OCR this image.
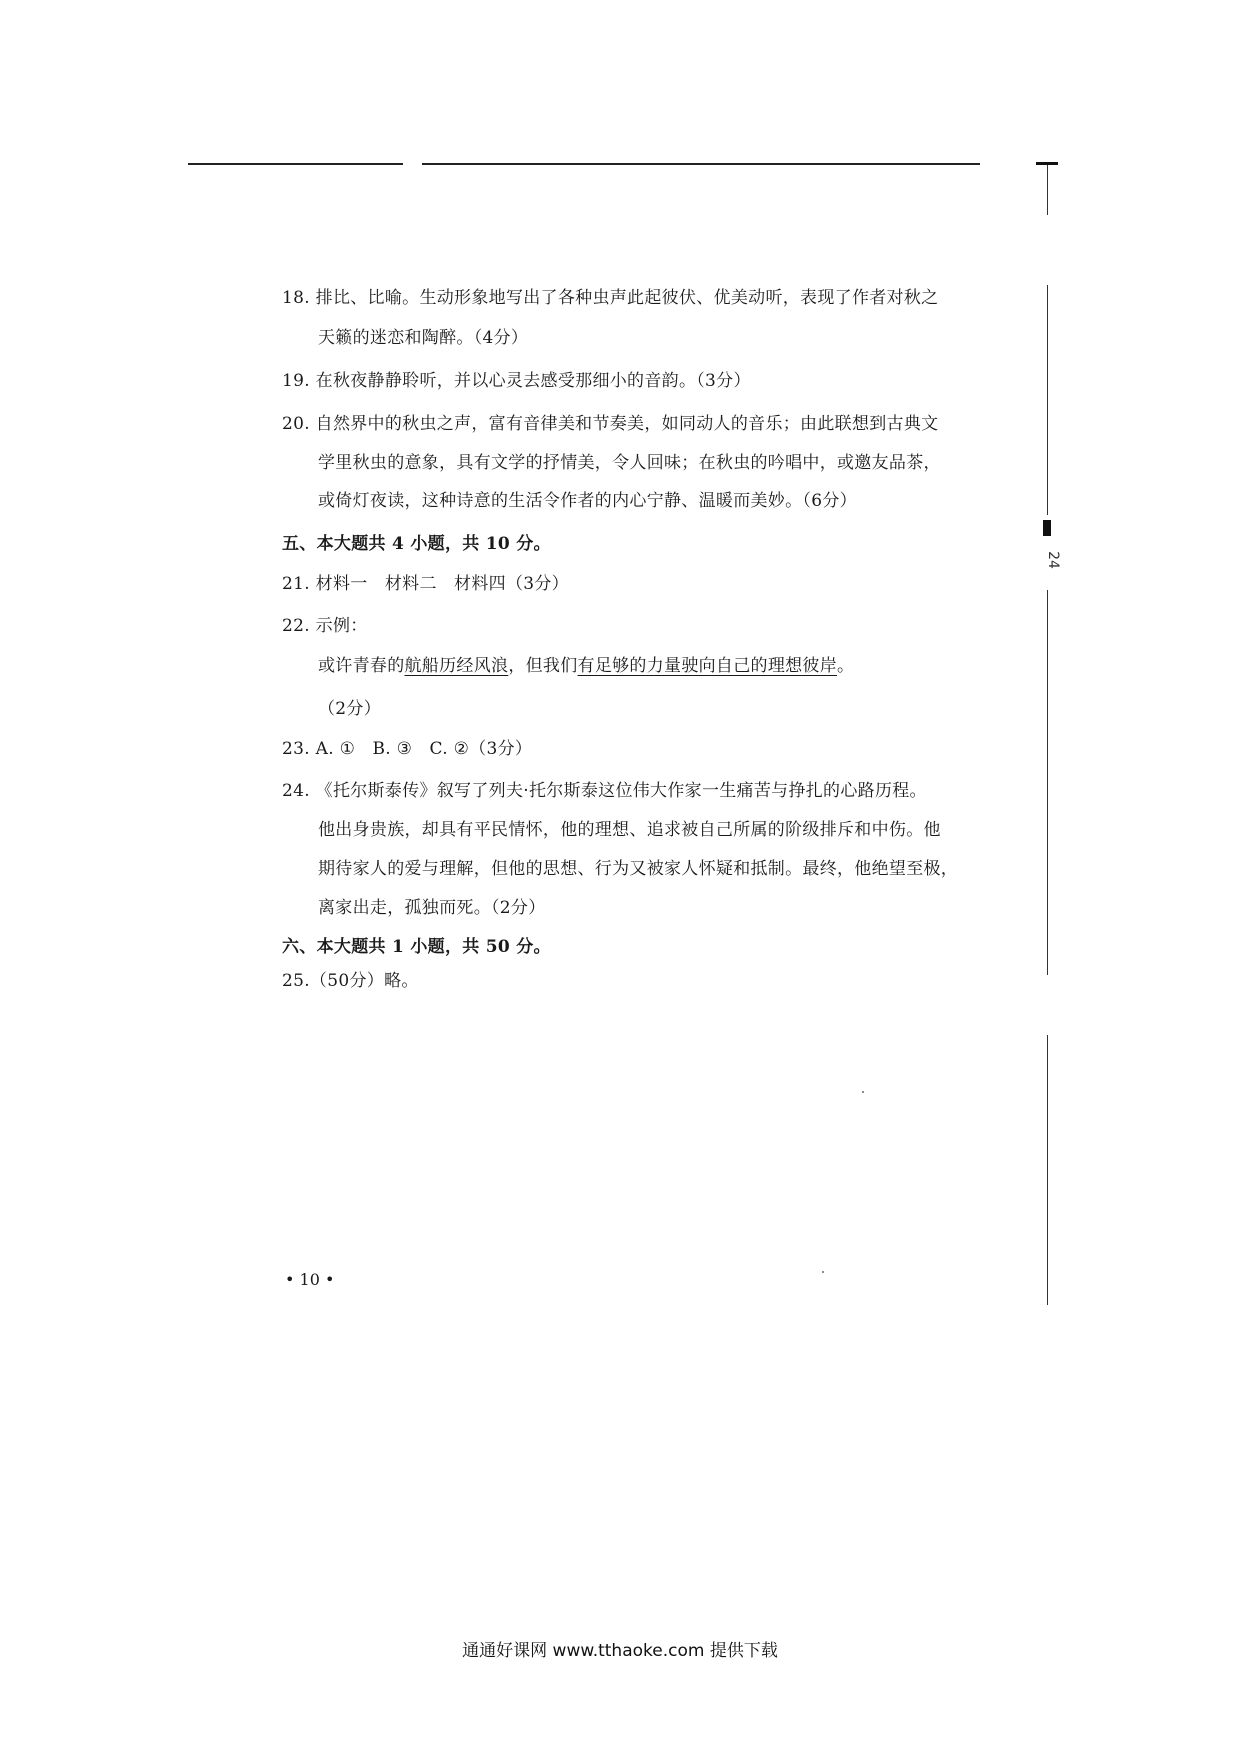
24
18. 排比、比喻。生动形象地写出了各种虫声此起彼伏、优美动听，表现了作者对秋之
天籁的迷恋和陶醉。（4分）
19. 在秋夜静静聆听，并以心灵去感受那细小的音韵。（3分）
20. 自然界中的秋虫之声，富有音律美和节奏美，如同动人的音乐；由此联想到古典文
学里秋虫的意象，具有文学的抒情美，令人回味；在秋虫的吟唱中，或邀友品茶，
或倚灯夜读，这种诗意的生活令作者的内心宁静、温暖而美妙。（6分）
五、本大题共 4 小题，共 10 分。
21. 材料一　材料二　材料四（3分）
22. 示例：
或许青春的航船历经风浪，但我们有足够的力量驶向自己的理想彼岸。
（2分）
23. A. ①　B. ③　C. ②（3分）
24. 《托尔斯泰传》叙写了列夫·托尔斯泰这位伟大作家一生痛苦与挣扎的心路历程。
他出身贵族，却具有平民情怀，他的理想、追求被自己所属的阶级排斥和中伤。他
期待家人的爱与理解，但他的思想、行为又被家人怀疑和抵制。最终，他绝望至极，
离家出走，孤独而死。（2分）
六、本大题共 1 小题，共 50 分。
25.（50分）略。
• 10 •
通通好课网 www.tthaoke.com 提供下载
